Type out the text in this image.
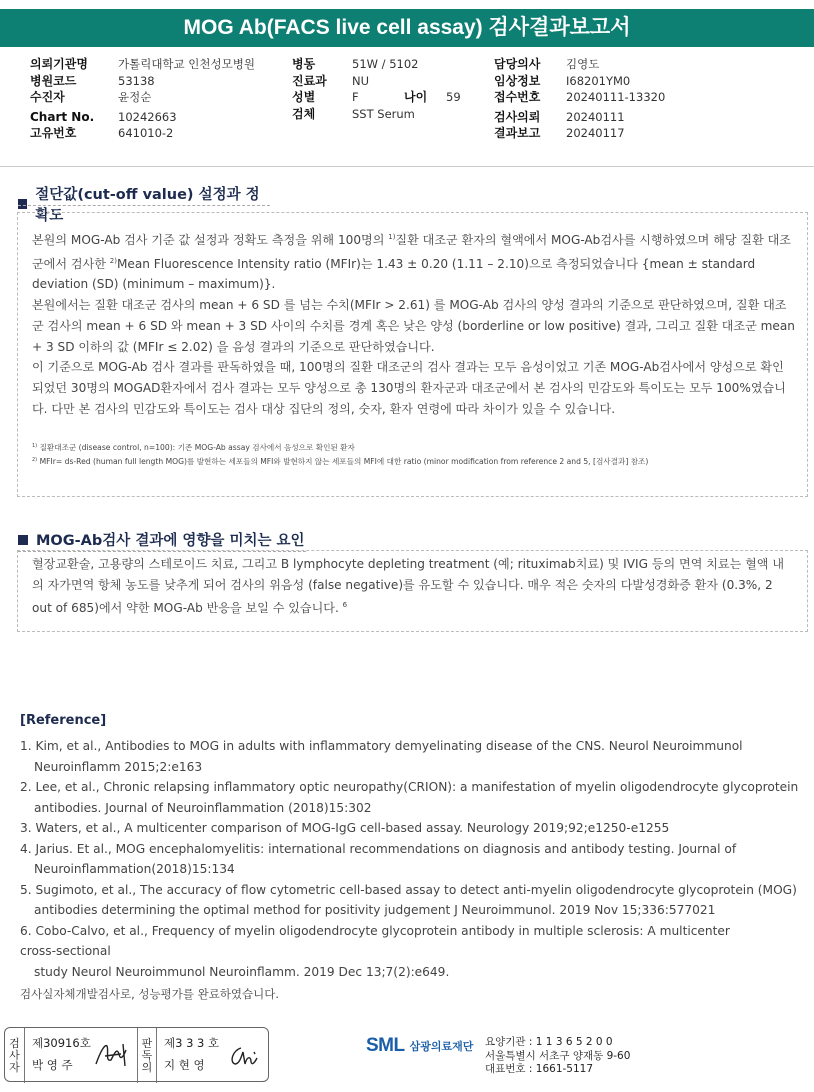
MOG Ab(FACS live cell assay) 검사결과보고서
의뢰기관명	가톨릭대학교 인천성모병원
병원코드	53138
수진자	윤정순
Chart No.	10242663
고유번호	641010-2
병동	51W / 5102
진료과	NU
성별	F	나이	59
검체	SST Serum
담당의사	김영도
임상정보	I68201YM0
접수번호	20240111-13320
검사의뢰	20240111
결과보고	20240117
절단값(cut-off value) 설정과 정확도

본원의 MOG-Ab 검사 기준 값 설정과 정확도 측정을 위해 100명의 $^{1)}$질환 대조군 환자의 혈액에서 MOG-Ab검사를 시행하였으며 해당 질환 대조군에서 검사한 $^{2)}$Mean Fluorescence Intensity ratio (MFIr)는 1.43 ± 0.20 (1.11 – 2.10)으로 측정되었습니다 {mean ± standard deviation (SD) (minimum – maximum)}.

본원에서는 질환 대조군 검사의 mean + 6 SD 를 넘는 수치(MFIr > 2.61) 를 MOG-Ab 검사의 양성 결과의 기준으로 판단하였으며, 질환 대조군 검사의 mean + 6 SD 와 mean + 3 SD 사이의 수치를 경계 혹은 낮은 양성 (borderline or low positive) 결과, 그리고 질환 대조군 mean + 3 SD 이하의 값 (MFIr ≤ 2.02) 을 음성 결과의 기준으로 판단하였습니다.

이 기준으로 MOG-Ab 검사 결과를 판독하였을 때, 100명의 질환 대조군의 검사 결과는 모두 음성이었고 기존 MOG-Ab검사에서 양성으로 확인되었던 30명의 MOGAD환자에서 검사 결과는 모두 양성으로 총 130명의 환자군과 대조군에서 본 검사의 민감도와 특이도는 모두 100%였습니다. 다만 본 검사의 민감도와 특이도는 검사 대상 집단의 정의, 숫자, 환자 연령에 따라 차이가 있을 수 있습니다.

$^{1)}$ 질환대조군 (disease control, n=100): 기존 MOG-Ab assay 검사에서 음성으로 확인된 환자
$^{2)}$ MFIr= ds-Red (human full length MOG)를 발현하는 세포들의 MFI와 발현하지 않는 세포들의 MFI에 대한 ratio (minor modification from reference 2 and 5, [검사결과] 참조)
MOG-Ab검사 결과에 영향을 미치는 요인

혈장교환술, 고용량의 스테로이드 치료, 그리고 B lymphocyte depleting treatment (예; rituximab치료) 및 IVIG 등의 면역 치료는 혈액 내의 자가면역 항체 농도를 낮추게 되어 검사의 위음성 (false negative)를 유도할 수 있습니다. 매우 적은 숫자의 다발성경화증 환자 (0.3%, 2 out of 685)에서 약한 MOG-Ab 반응을 보일 수 있습니다. $^6$

[Reference]
1. Kim, et al., Antibodies to MOG in adults with inflammatory demyelinating disease of the CNS. Neurol Neuroimmunol Neuroinflamm 2015;2:e163
2. Lee, et al., Chronic relapsing inflammatory optic neuropathy(CRION): a manifestation of myelin oligodendrocyte glycoprotein antibodies. Journal of Neuroinflammation (2018)15:302
3. Waters, et al., A multicenter comparison of MOG-IgG cell-based assay. Neurology 2019;92;e1250-e1255
4. Jarius. Et al., MOG encephalomyelitis: international recommendations on diagnosis and antibody testing. Journal of Neuroinflammation(2018)15:134
5. Sugimoto, et al., The accuracy of flow cytometric cell-based assay to detect anti-myelin oligodendrocyte glycoprotein (MOG) antibodies determining the optimal method for positivity judgement J Neuroimmunol. 2019 Nov 15;336:577021
6. Cobo-Calvo, et al., Frequency of myelin oligodendrocyte glycoprotein antibody in multiple sclerosis: A multicenter
cross-sectional
study Neurol Neuroimmunol Neuroinflamm. 2019 Dec 13;7(2):e649.
검사실자체개발검사로, 성능평가를 완료하였습니다.
검
사
자
제30916호
박 영 주
판
독
의
제3 3 3 호
지 현 영
SML 삼광의료재단 요양기관 : 1 1 3 6 5 2 0 0
서울특별시 서초구 양재동 9-60
대표번호 : 1661-5117
